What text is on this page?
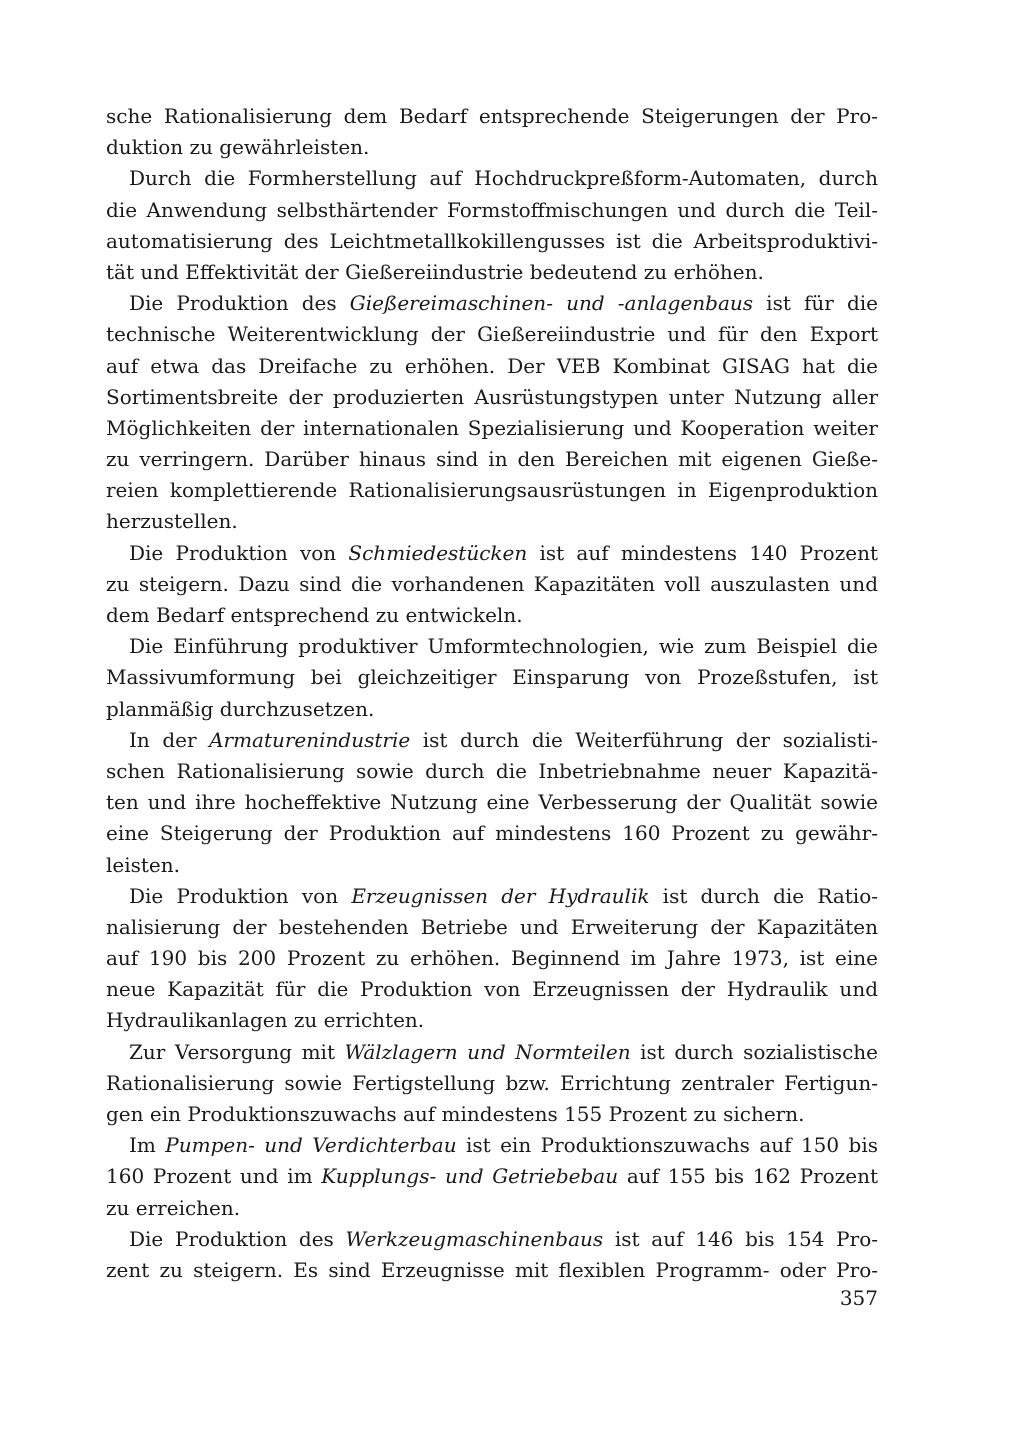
sche Rationalisierung dem Bedarf entsprechende Steigerungen der Pro-
duktion zu gewährleisten.
Durch die Formherstellung auf Hochdruckpreßform-Automaten, durch
die Anwendung selbsthärtender Formstoffmischungen und durch die Teil-
automatisierung des Leichtmetallkokillengusses ist die Arbeitsproduktivi-
tät und Effektivität der Gießereiindustrie bedeutend zu erhöhen.
Die Produktion des Gießereimaschinen- und -anlagenbaus ist für die
technische Weiterentwicklung der Gießereiindustrie und für den Export
auf etwa das Dreifache zu erhöhen. Der VEB Kombinat GISAG hat die
Sortimentsbreite der produzierten Ausrüstungstypen unter Nutzung aller
Möglichkeiten der internationalen Spezialisierung und Kooperation weiter
zu verringern. Darüber hinaus sind in den Bereichen mit eigenen Gieße-
reien komplettierende Rationalisierungsausrüstungen in Eigenproduktion
herzustellen.
Die Produktion von Schmiedestücken ist auf mindestens 140 Prozent
zu steigern. Dazu sind die vorhandenen Kapazitäten voll auszulasten und
dem Bedarf entsprechend zu entwickeln.
Die Einführung produktiver Umformtechnologien, wie zum Beispiel die
Massivumformung bei gleichzeitiger Einsparung von Prozeßstufen, ist
planmäßig durchzusetzen.
In der Armaturenindustrie ist durch die Weiterführung der sozialisti-
schen Rationalisierung sowie durch die Inbetriebnahme neuer Kapazitä-
ten und ihre hocheffektive Nutzung eine Verbesserung der Qualität sowie
eine Steigerung der Produktion auf mindestens 160 Prozent zu gewähr-
leisten.
Die Produktion von Erzeugnissen der Hydraulik ist durch die Ratio-
nalisierung der bestehenden Betriebe und Erweiterung der Kapazitäten
auf 190 bis 200 Prozent zu erhöhen. Beginnend im Jahre 1973, ist eine
neue Kapazität für die Produktion von Erzeugnissen der Hydraulik und
Hydraulikanlagen zu errichten.
Zur Versorgung mit Wälzlagern und Normteilen ist durch sozialistische
Rationalisierung sowie Fertigstellung bzw. Errichtung zentraler Fertigun-
gen ein Produktionszuwachs auf mindestens 155 Prozent zu sichern.
Im Pumpen- und Verdichterbau ist ein Produktionszuwachs auf 150 bis
160 Prozent und im Kupplungs- und Getriebebau auf 155 bis 162 Prozent
zu erreichen.
Die Produktion des Werkzeugmaschinenbaus ist auf 146 bis 154 Pro-
zent zu steigern. Es sind Erzeugnisse mit flexiblen Programm- oder Pro-
357
